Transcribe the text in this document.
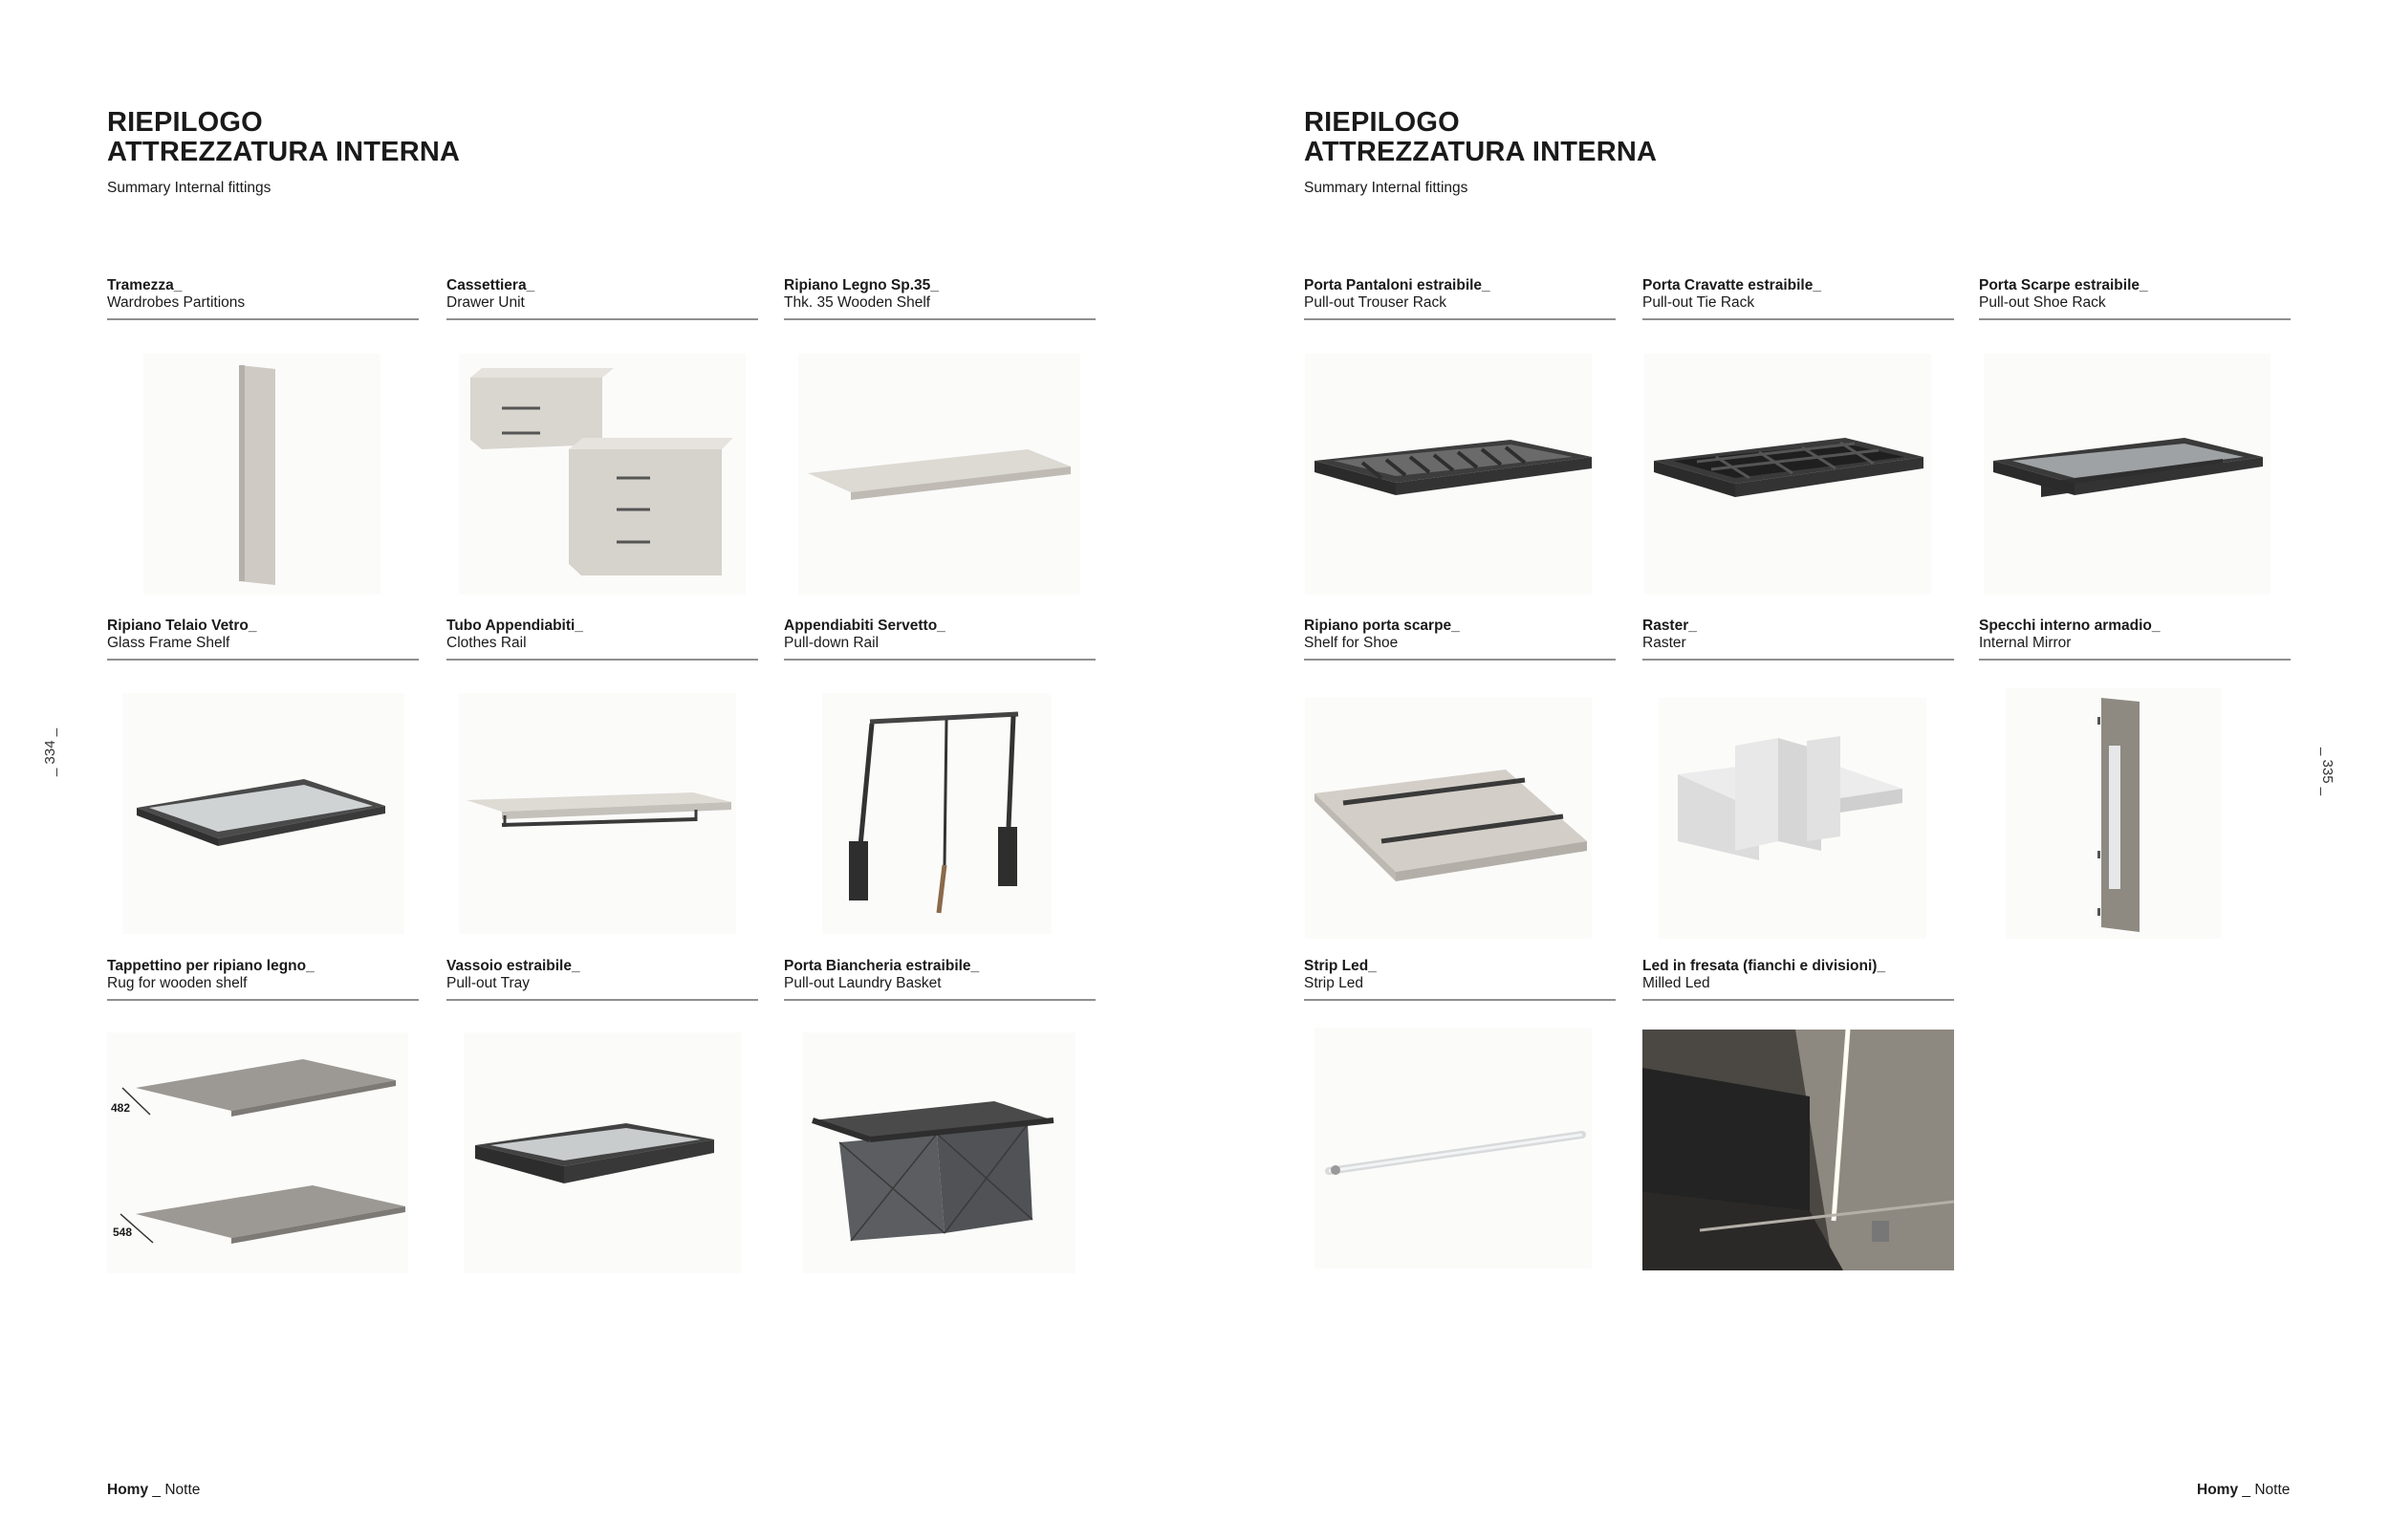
RIEPILOGO
ATTREZZATURA INTERNA
Summary Internal fittings
Tramezza_
Wardrobes Partitions
Cassettiera_
Drawer Unit
Ripiano Legno Sp.35_
Thk. 35 Wooden Shelf
Ripiano Telaio Vetro_
Glass Frame Shelf
Tubo Appendiabiti_
Clothes Rail
Appendiabiti Servetto_
Pull-down Rail
Tappettino per ripiano legno_
Rug for wooden shelf
Vassoio estraibile_
Pull-out Tray
Porta Biancheria estraibile_
Pull-out Laundry Basket
482
548
_ 334 _
Homy _ Notte
RIEPILOGO
ATTREZZATURA INTERNA
Summary Internal fittings
Porta Pantaloni estraibile_
Pull-out Trouser Rack
Porta Cravatte estraibile_
Pull-out Tie Rack
Porta Scarpe estraibile_
Pull-out Shoe Rack
Ripiano porta scarpe_
Shelf for Shoe
Raster_
Raster
Specchi interno armadio_
Internal Mirror
Strip Led_
Strip Led
Led in fresata (fianchi e divisioni)_
Milled Led
_ 335 _
Homy _ Notte
